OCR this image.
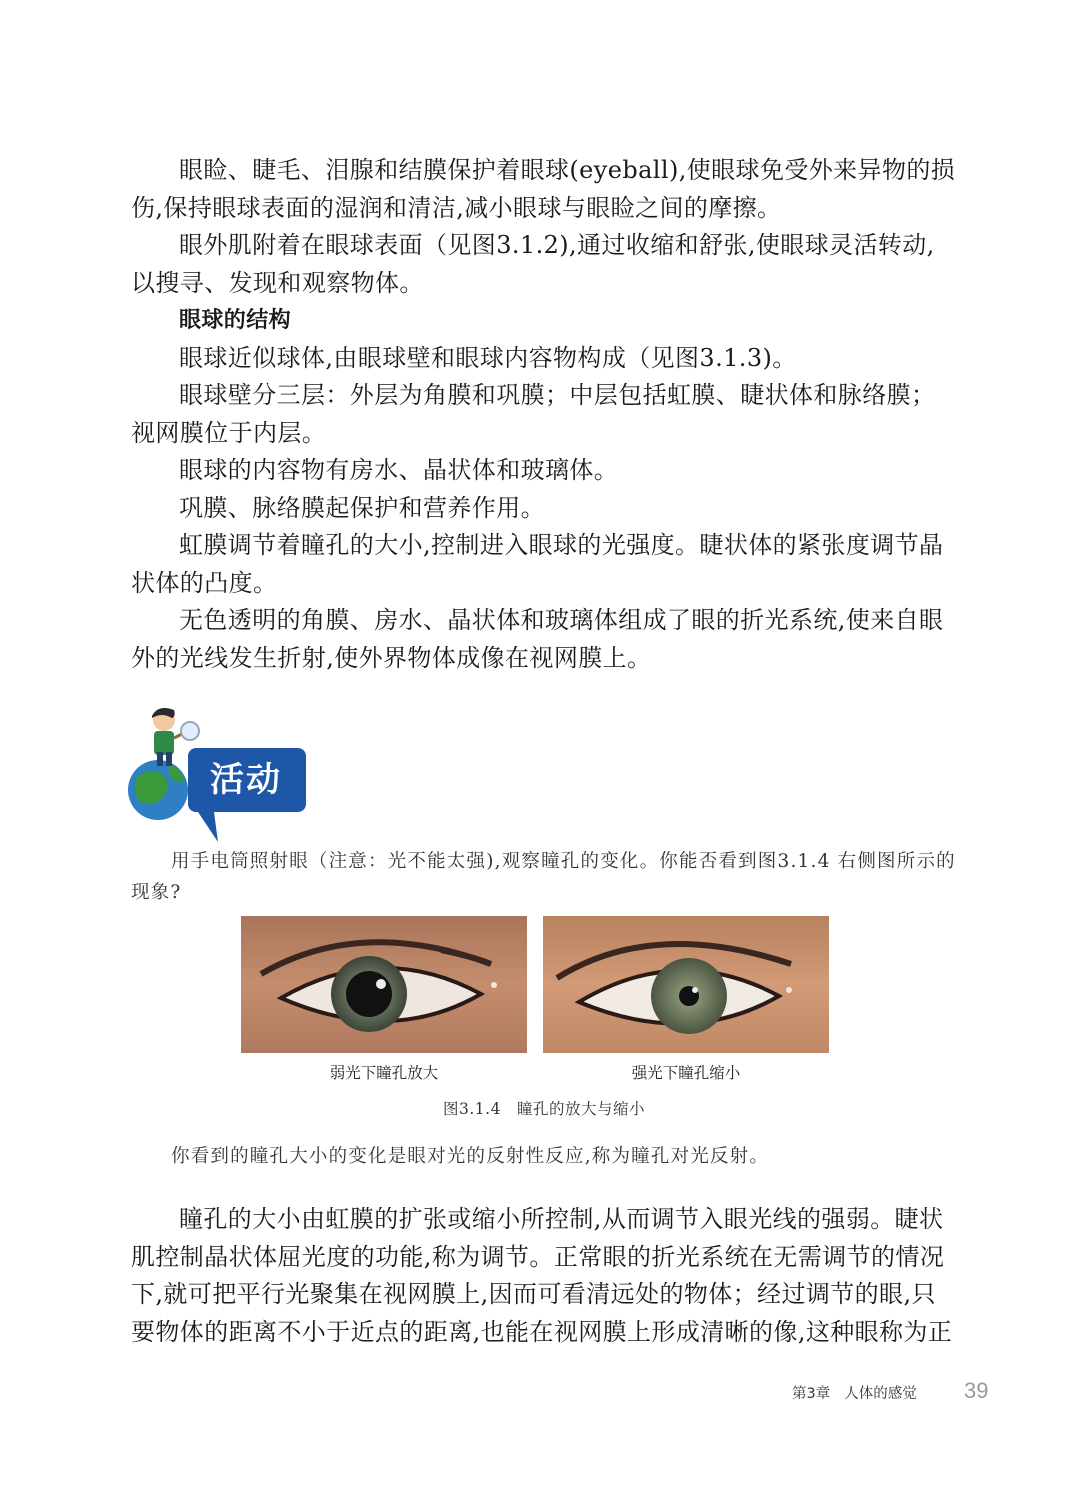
眼睑、睫毛、泪腺和结膜保护着眼球(eyeball),使眼球免受外来异物的损伤,保持眼球表面的湿润和清洁,减小眼球与眼睑之间的摩擦。

眼外肌附着在眼球表面（见图3.1.2),通过收缩和舒张,使眼球灵活转动,以搜寻、发现和观察物体。

眼球的结构

眼球近似球体,由眼球壁和眼球内容物构成（见图3.1.3)。

眼球壁分三层：外层为角膜和巩膜；中层包括虹膜、睫状体和脉络膜；视网膜位于内层。

眼球的内容物有房水、晶状体和玻璃体。

巩膜、脉络膜起保护和营养作用。

虹膜调节着瞳孔的大小,控制进入眼球的光强度。睫状体的紧张度调节晶状体的凸度。

无色透明的角膜、房水、晶状体和玻璃体组成了眼的折光系统,使来自眼外的光线发生折射,使外界物体成像在视网膜上。

活动

用手电筒照射眼（注意：光不能太强),观察瞳孔的变化。你能否看到图3.1.4 右侧图所示的现象?

弱光下瞳孔放大	强光下瞳孔缩小
图3.1.4 瞳孔的放大与缩小

你看到的瞳孔大小的变化是眼对光的反射性反应,称为瞳孔对光反射。

瞳孔的大小由虹膜的扩张或缩小所控制,从而调节入眼光线的强弱。睫状肌控制晶状体屈光度的功能,称为调节。正常眼的折光系统在无需调节的情况下,就可把平行光聚集在视网膜上,因而可看清远处的物体；经过调节的眼,只要物体的距离不小于近点的距离,也能在视网膜上形成清晰的像,这种眼称为正

第3章 人体的感觉 39
